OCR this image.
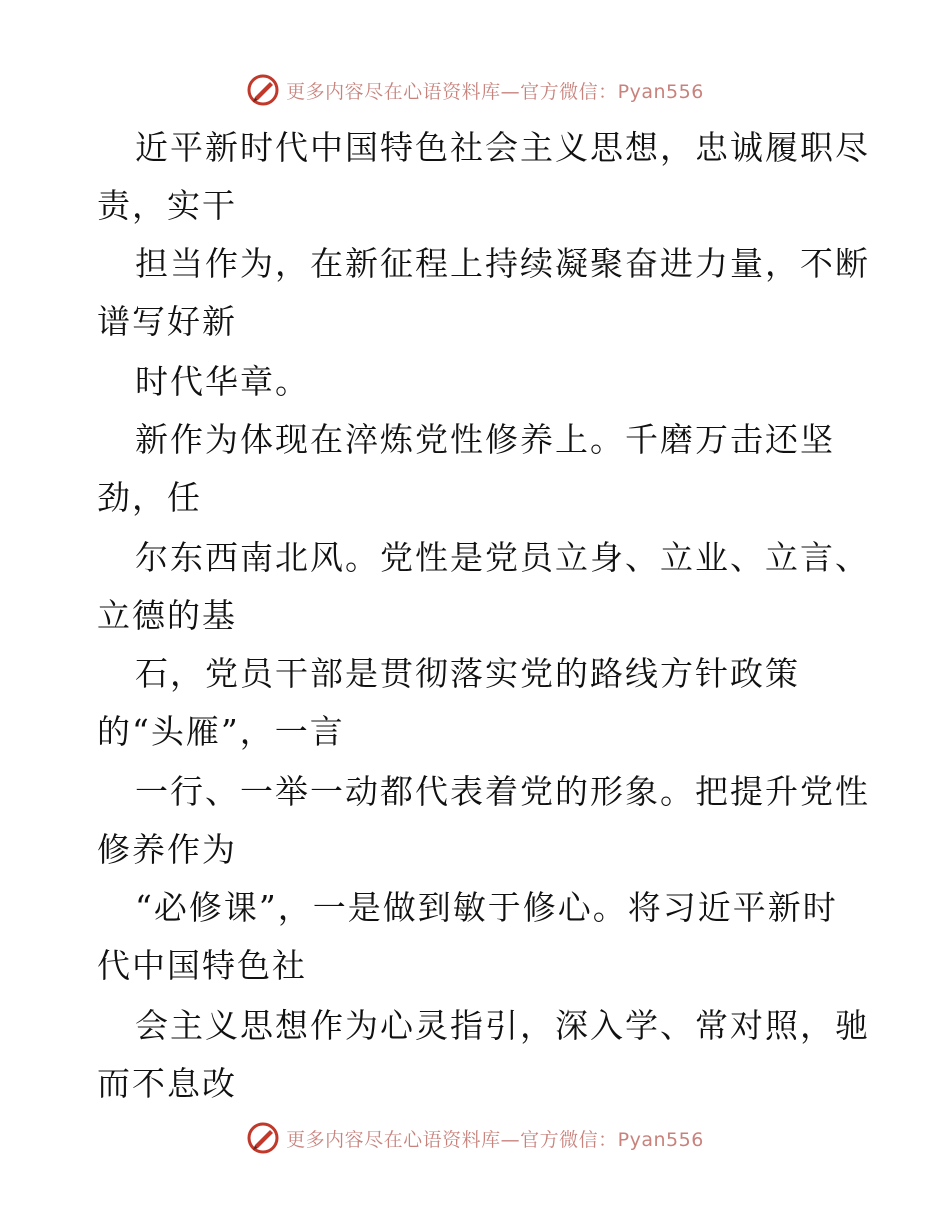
更多内容尽在心语资料库—官方微信：Pyan556
近平新时代中国特色社会主义思想，忠诚履职尽
责，实干
担当作为，在新征程上持续凝聚奋进力量，不断
谱写好新
时代华章。
新作为体现在淬炼党性修养上。千磨万击还坚
劲，任
尔东西南北风。党性是党员立身、立业、立言、
立德的基
石，党员干部是贯彻落实党的路线方针政策
的“头雁”，一言
一行、一举一动都代表着党的形象。把提升党性
修养作为
“必修课”，一是做到敏于修心。将习近平新时
代中国特色社
会主义思想作为心灵指引，深入学、常对照，驰
而不息改
更多内容尽在心语资料库—官方微信：Pyan556
